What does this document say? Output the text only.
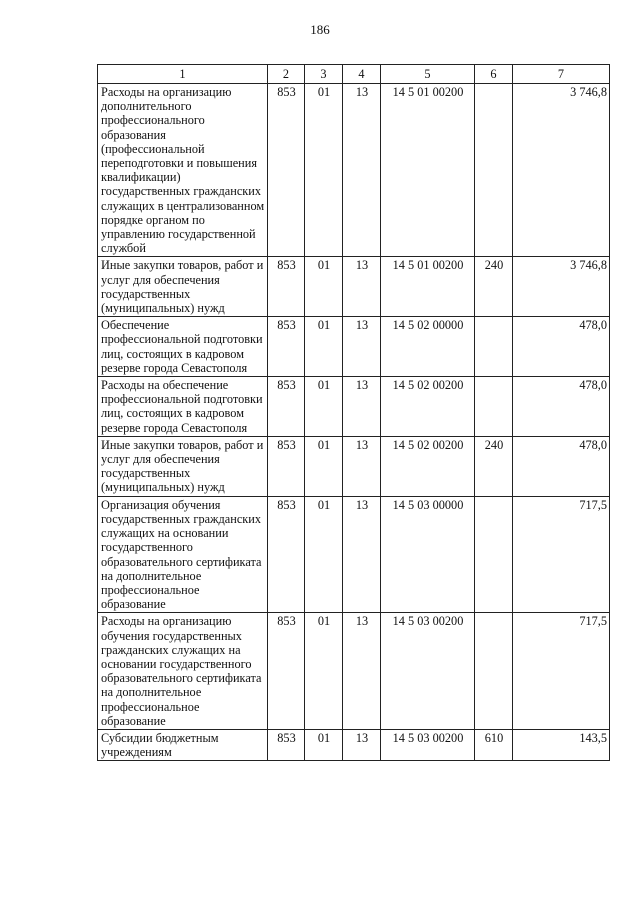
186
1	2	3	4	5	6	7
Расходы на организацию дополнительного профессионального образования (профессиональной переподготовки и повышения квалификации) государственных гражданских служащих в централизованном порядке органом по управлению государственной службой	853	01	13	14 5 01 00200		3 746,8
Иные закупки товаров, работ и услуг для обеспечения государственных (муниципальных) нужд	853	01	13	14 5 01 00200	240	3 746,8
Обеспечение профессиональной подготовки лиц, состоящих в кадровом резерве города Севастополя	853	01	13	14 5 02 00000		478,0
Расходы на обеспечение профессиональной подготовки лиц, состоящих в кадровом резерве города Севастополя	853	01	13	14 5 02 00200		478,0
Иные закупки товаров, работ и услуг для обеспечения государственных (муниципальных) нужд	853	01	13	14 5 02 00200	240	478,0
Организация обучения государственных гражданских служащих на основании государственного образовательного сертификата на дополнительное профессиональное образование	853	01	13	14 5 03 00000		717,5
Расходы на организацию обучения государственных гражданских служащих на основании государственного образовательного сертификата на дополнительное профессиональное образование	853	01	13	14 5 03 00200		717,5
Субсидии бюджетным учреждениям	853	01	13	14 5 03 00200	610	143,5
